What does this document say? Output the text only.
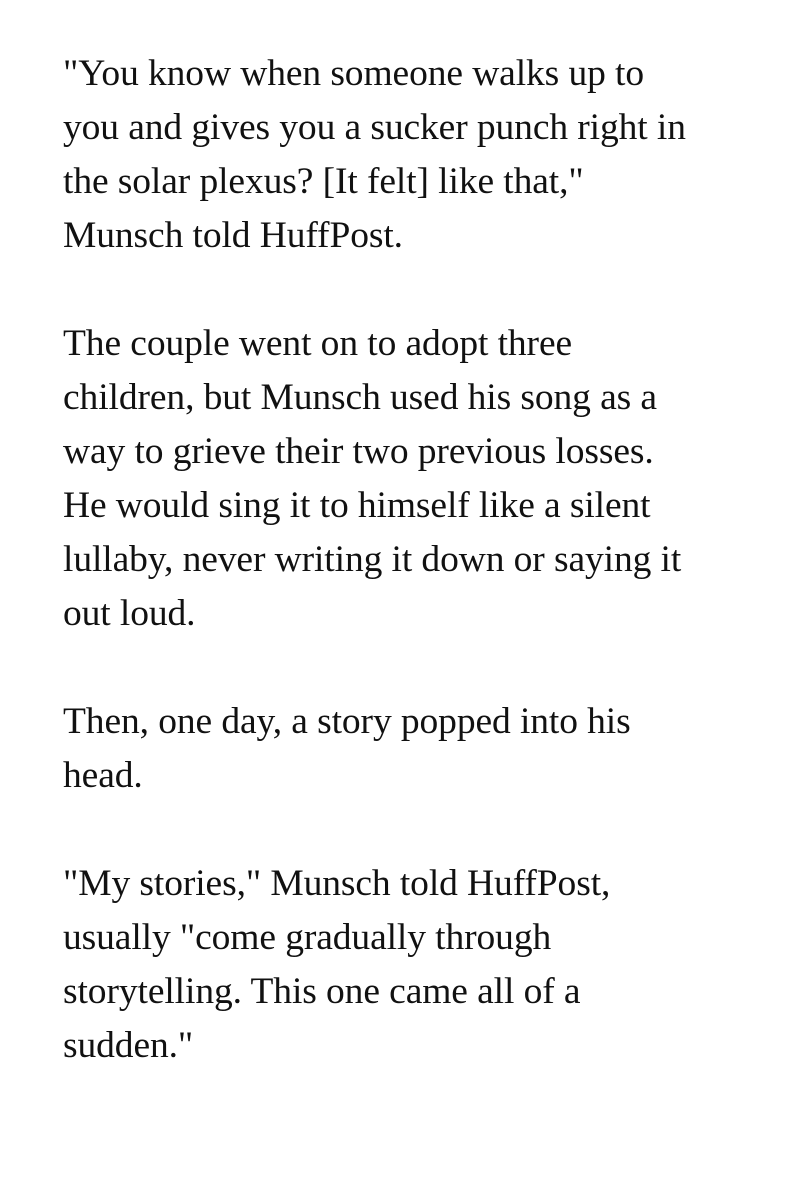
"You know when someone walks up to
you and gives you a sucker punch right in
the solar plexus? [It felt] like that,"
Munsch told HuffPost.

The couple went on to adopt three
children, but Munsch used his song as a
way to grieve their two previous losses.
He would sing it to himself like a silent
lullaby, never writing it down or saying it
out loud.

Then, one day, a story popped into his
head.

"My stories," Munsch told HuffPost,
usually "come gradually through
storytelling. This one came all of a
sudden."
